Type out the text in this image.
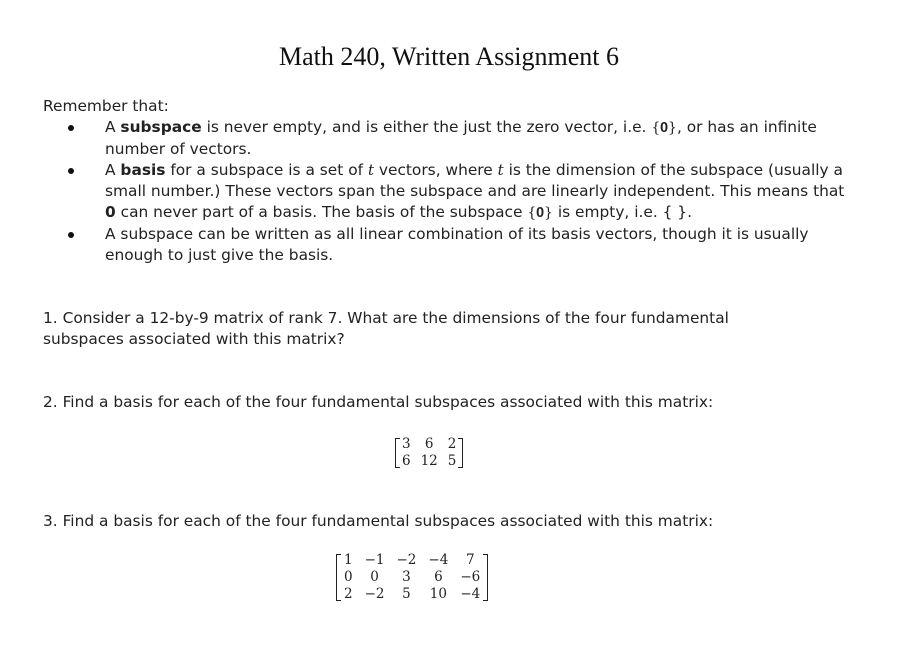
Math 240, Written Assignment 6
Remember that:
A subspace is never empty, and is either the just the zero vector, i.e. {𝟎}, or has an infinite number of vectors.
A basis for a subspace is a set of t vectors, where t is the dimension of the subspace (usually a small number.) These vectors span the subspace and are linearly independent. This means that 0 can never part of a basis. The basis of the subspace {𝟎} is empty, i.e. { }.
A subspace can be written as all linear combination of its basis vectors, though it is usually enough to just give the basis.
1. Consider a 12-by-9 matrix of rank 7. What are the dimensions of the four fundamental subspaces associated with this matrix?
2. Find a basis for each of the four fundamental subspaces associated with this matrix:
3	6	2
6	12	5
3. Find a basis for each of the four fundamental subspaces associated with this matrix:
1	−1	−2	−4	7
0	0	3	6	−6
2	−2	5	10	−4
